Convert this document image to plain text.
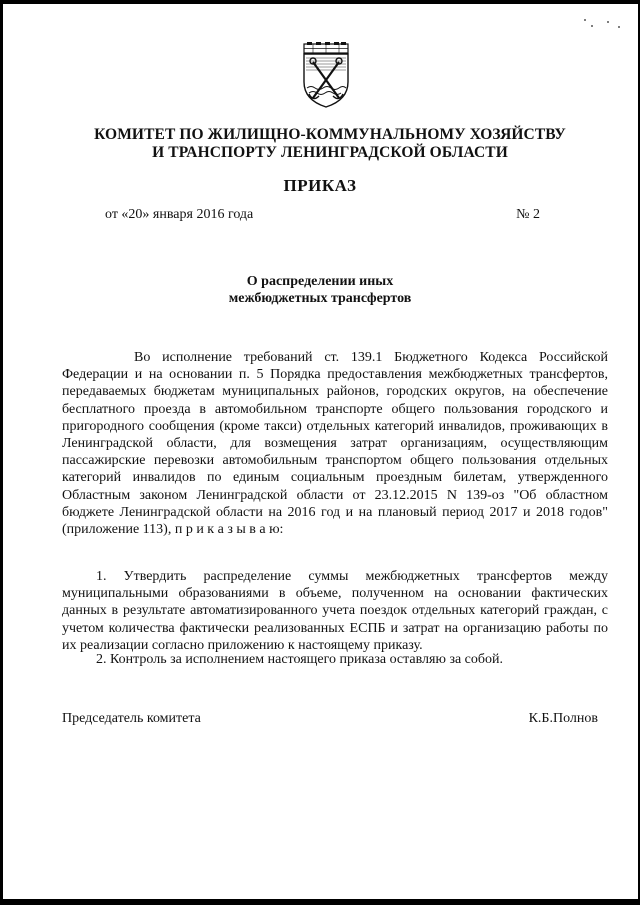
КОМИТЕТ ПО ЖИЛИЩНО-КОММУНАЛЬНОМУ ХОЗЯЙСТВУ
И ТРАНСПОРТУ ЛЕНИНГРАДСКОЙ ОБЛАСТИ
ПРИКАЗ
от «20» января 2016 года	№ 2
О распределении иных
межбюджетных трансфертов

Во исполнение требований ст. 139.1 Бюджетного Кодекса Российской Федерации и на основании п. 5 Порядка предоставления межбюджетных трансфертов, передаваемых бюджетам муниципальных районов, городских округов, на обеспечение бесплатного проезда в автомобильном транспорте общего пользования городского и пригородного сообщения (кроме такси) отдельных категорий инвалидов, проживающих в Ленинградской области, для возмещения затрат организациям, осуществляющим пассажирские перевозки автомобильным транспортом общего пользования отдельных категорий инвалидов по единым социальным проездным билетам, утвержденного Областным законом Ленинградской области от 23.12.2015 N 139-оз "Об областном бюджете Ленинградской области на 2016 год и на плановый период 2017 и 2018 годов" (приложение 113), п р и к а з ы в а ю:

1. Утвердить распределение суммы межбюджетных трансфертов между муниципальными образованиями в объеме, полученном на основании фактических данных в результате автоматизированного учета поездок отдельных категорий граждан, с учетом количества фактически реализованных ЕСПБ и затрат на организацию работы по их реализации согласно приложению к настоящему приказу.

2. Контроль за исполнением настоящего приказа оставляю за собой.

Председатель комитета	К.Б.Полнов
